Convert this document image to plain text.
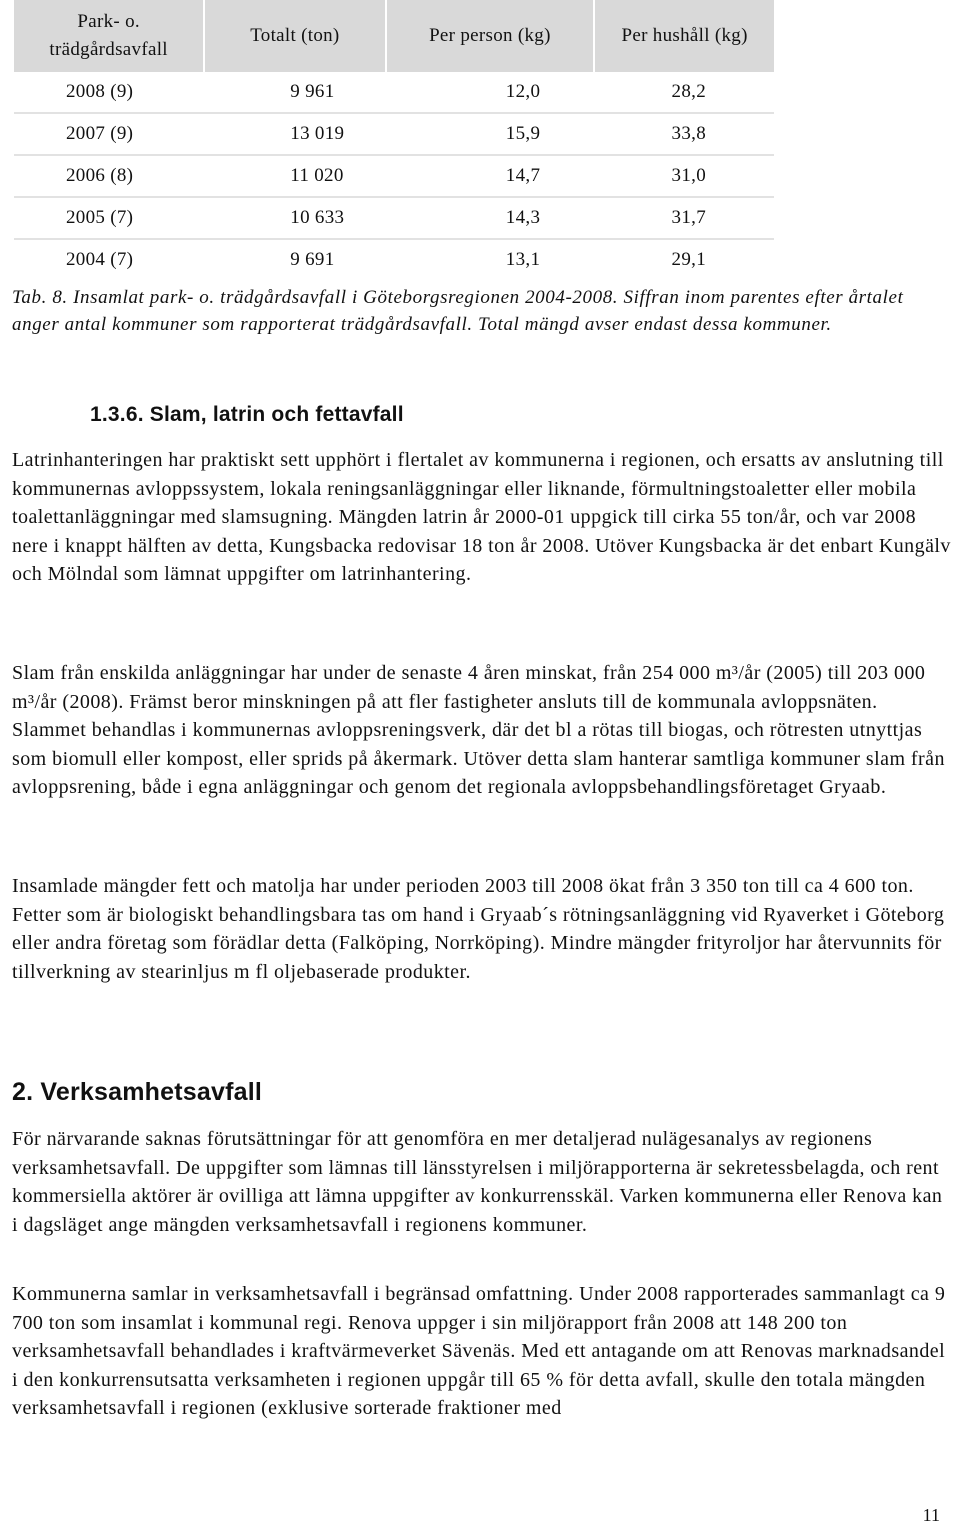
Park- o. trädgårdsavfall	Totalt (ton)	Per person (kg)	Per hushåll (kg)
2008 (9)	9 961	12,0	28,2
2007 (9)	13 019	15,9	33,8
2006 (8)	11 020	14,7	31,0
2005 (7)	10 633	14,3	31,7
2004 (7)	9 691	13,1	29,1
Tab. 8. Insamlat park- o. trädgårdsavfall i Göteborgsregionen 2004-2008. Siffran inom parentes efter årtalet anger antal kommuner som rapporterat trädgårdsavfall. Total mängd avser endast dessa kommuner.
1.3.6. Slam, latrin och fettavfall

Latrinhanteringen har praktiskt sett upphört i flertalet av kommunerna i regionen, och ersatts av anslutning till kommunernas avloppssystem, lokala reningsanläggningar eller liknande, förmultningstoaletter eller mobila toalettanläggningar med slamsugning. Mängden latrin år 2000-01 uppgick till cirka 55 ton/år, och var 2008 nere i knappt hälften av detta, Kungsbacka redovisar 18 ton år 2008. Utöver Kungsbacka är det enbart Kungälv och Mölndal som lämnat uppgifter om latrinhantering.

Slam från enskilda anläggningar har under de senaste 4 åren minskat, från 254 000 m³/år (2005) till 203 000 m³/år (2008). Främst beror minskningen på att fler fastigheter ansluts till de kommunala avloppsnäten. Slammet behandlas i kommunernas avloppsreningsverk, där det bl a rötas till biogas, och rötresten utnyttjas som biomull eller kompost, eller sprids på åkermark. Utöver detta slam hanterar samtliga kommuner slam från avloppsrening, både i egna anläggningar och genom det regionala avloppsbehandlingsföretaget Gryaab.

Insamlade mängder fett och matolja har under perioden 2003 till 2008 ökat från 3 350 ton till ca 4 600 ton. Fetter som är biologiskt behandlingsbara tas om hand i Gryaab´s rötningsanläggning vid Ryaverket i Göteborg eller andra företag som förädlar detta (Falköping, Norrköping). Mindre mängder frityroljor har återvunnits för tillverkning av stearinljus m fl oljebaserade produkter.

2. Verksamhetsavfall

För närvarande saknas förutsättningar för att genomföra en mer detaljerad nulägesanalys av regionens verksamhetsavfall. De uppgifter som lämnas till länsstyrelsen i miljörapporterna är sekretessbelagda, och rent kommersiella aktörer är ovilliga att lämna uppgifter av konkurrensskäl. Varken kommunerna eller Renova kan i dagsläget ange mängden verksamhetsavfall i regionens kommuner.

Kommunerna samlar in verksamhetsavfall i begränsad omfattning. Under 2008 rapporterades sammanlagt ca 9 700 ton som insamlat i kommunal regi. Renova uppger i sin miljörapport från 2008 att 148 200 ton verksamhetsavfall behandlades i kraftvärmeverket Sävenäs. Med ett antagande om att Renovas marknadsandel i den konkurrensutsatta verksamheten i regionen uppgår till 65 % för detta avfall, skulle den totala mängden verksamhetsavfall i regionen (exklusive sorterade fraktioner med

11
